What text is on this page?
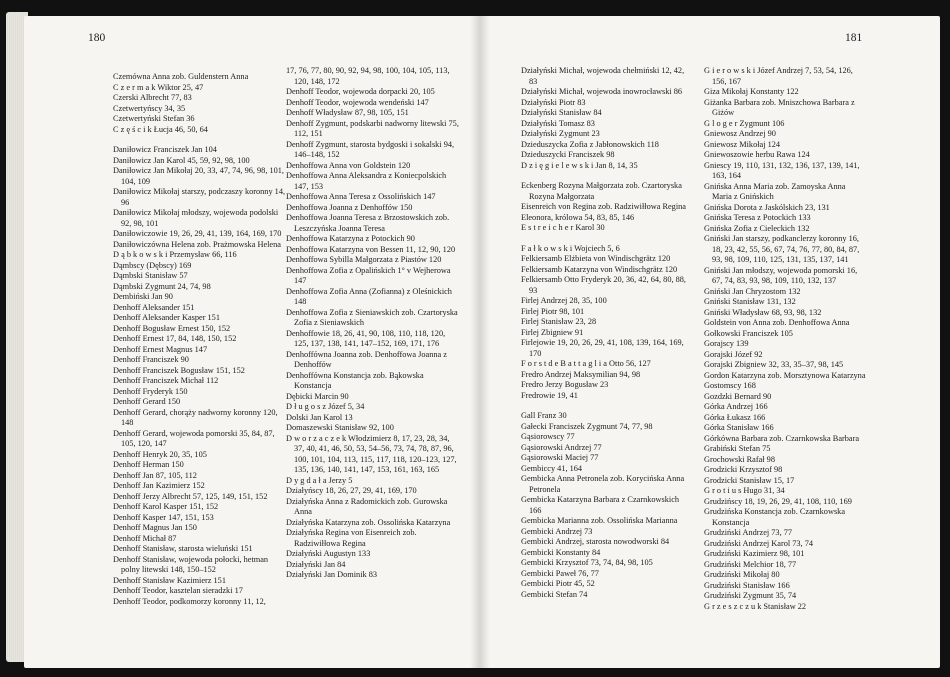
180	181
Czemówna Anna zob. Guldenstern Anna
C z e r m a k Wiktor 25, 47
Czerski Albrecht 77, 83
Czetwertyńscy 34, 35
Czetwertyński Stefan 36
C z ę ś c i k Łucja 46, 50, 64
Daniłowicz Franciszek Jan 104
Daniłowicz Jan Karol 45, 59, 92, 98, 100
Daniłowicz Jan Mikołaj 20, 33, 47, 74, 96, 98, 101, 104, 109
Daniłowicz Mikołaj starszy, podczaszy koronny 14, 96
Daniłowicz Mikołaj młodszy, wojewoda podolski 92, 98, 101
Daniłowiczowie 19, 26, 29, 41, 139, 164, 169, 170
Daniłowiczówna Helena zob. Prażmowska Helena
D ą b k o w s k i Przemysław 66, 116
Dąmbscy (Dębscy) 169
Dąmbski Stanisław 57
Dąmbski Zygmunt 24, 74, 98
Dembiński Jan 90
Denhoff Aleksander 151
Denhoff Aleksander Kasper 151
Denhoff Bogusław Ernest 150, 152
Denhoff Ernest 17, 84, 148, 150, 152
Denhoff Ernest Magnus 147
Denhoff Franciszek 90
Denhoff Franciszek Bogusław 151, 152
Denhoff Franciszek Michał 112
Denhoff Fryderyk 150
Denhoff Gerard 150
Denhoff Gerard, chorąży nadworny koronny 120, 148
Denhoff Gerard, wojewoda pomorski 35, 84, 87, 105, 120, 147
Denhoff Henryk 20, 35, 105
Denhoff Herman 150
Denhoff Jan 87, 105, 112
Denhoff Jan Kazimierz 152
Denhoff Jerzy Albrecht 57, 125, 149, 151, 152
Denhoff Karol Kasper 151, 152
Denhoff Kasper 147, 151, 153
Denhoff Magnus Jan 150
Denhoff Michał 87
Denhoff Stanisław, starosta wieluński 151
Denhoff Stanisław, wojewoda połocki, hetman polny litewski 148, 150–152
Denhoff Stanisław Kazimierz 151
Denhoff Teodor, kasztelan sieradzki 17
Denhoff Teodor, podkomorzy koronny 11, 12,
17, 76, 77, 80, 90, 92, 94, 98, 100, 104, 105, 113, 120, 148, 172
Denhoff Teodor, wojewoda dorpacki 20, 105
Denhoff Teodor, wojewoda wendeński 147
Denhoff Władysław 87, 98, 105, 151
Denhoff Zygmunt, podskarbi nadworny litewski 75, 112, 151
Denhoff Zygmunt, starosta bydgoski i sokalski 94, 146–148, 152
Denhoffowa Anna von Goldstein 120
Denhoffowa Anna Aleksandra z Koniecpolskich 147, 153
Denhoffowa Anna Teresa z Ossolińskich 147
Denhoffowa Joanna z Denhoffów 150
Denhoffowa Joanna Teresa z Brzostowskich zob. Leszczyńska Joanna Teresa
Denhoffowa Katarzyna z Potockich 90
Denhoffowa Katarzyna von Bessen 11, 12, 90, 120
Denhoffowa Sybilla Małgorzata z Piastów 120
Denhoffowa Zofia z Opalińskich 1° v Wejherowa 147
Denhoffowa Zofia Anna (Zofianna) z Oleśnickich 148
Denhoffowa Zofia z Sieniawskich zob. Czartoryska Zofia z Sieniawskich
Denhoffowie 18, 26, 41, 90, 108, 110, 118, 120, 125, 137, 138, 141, 147–152, 169, 171, 176
Denhoffówna Joanna zob. Denhoffowa Joanna z Denhoffów
Denhoffówna Konstancja zob. Bąkowska Konstancja
Dębicki Marcin 90
D ł u g o s z Józef 5, 34
Dolski Jan Karol 13
Domaszewski Stanisław 92, 100
D w o r z a c z e k Włodzimierz 8, 17, 23, 28, 34, 37, 40, 41, 46, 50, 53, 54–56, 73, 74, 78, 87, 96, 100, 101, 104, 113, 115, 117, 118, 120–123, 127, 135, 136, 140, 141, 147, 153, 161, 163, 165
D y g d a ł a Jerzy 5
Działyńscy 18, 26, 27, 29, 41, 169, 170
Działyńska Anna z Radomickich zob. Gurowska Anna
Działyńska Katarzyna zob. Ossolińska Katarzyna
Działyńska Regina von Eisenreich zob. Radziwiłłowa Regina
Działyński Augustyn 133
Działyński Jan 84
Działyński Jan Dominik 83
Działyński Michał, wojewoda chełmiński 12, 42, 83
Działyński Michał, wojewoda inowrocławski 86
Działyński Piotr 83
Działyński Stanisław 84
Działyński Tomasz 83
Działyński Zygmunt 23
Dzieduszycka Zofia z Jabłonowskich 118
Dzieduszycki Franciszek 98
D z i ę g i e l e w s k i Jan 8, 14, 35
Eckenberg Rozyna Małgorzata zob. Czartoryska Rozyna Małgorzata
Eisenreich von Regina zob. Radziwiłłowa Regina
Eleonora, królowa 54, 83, 85, 146
E s t r e i c h e r Karol 30
F a ł k o w s k i Wojciech 5, 6
Felkiersamb Elżbieta von Windischgrätz 120
Felkiersamb Katarzyna von Windischgrätz 120
Felkiersamb Otto Fryderyk 20, 36, 42, 64, 80, 88, 93
Firlej Andrzej 28, 35, 100
Firlej Piotr 98, 101
Firlej Stanisław 23, 28
Firlej Zbigniew 91
Firlejowie 19, 20, 26, 29, 41, 108, 139, 164, 169, 170
F o r s t d e B a t t a g l i a Otto 56, 127
Fredro Andrzej Maksymilian 94, 98
Fredro Jerzy Bogusław 23
Fredrowie 19, 41
Gall Franz 30
Gałecki Franciszek Zygmunt 74, 77, 98
Gąsiorowscy 77
Gąsiorowski Andrzej 77
Gąsiorowski Maciej 77
Gembiccy 41, 164
Gembicka Anna Petronela zob. Korycińska Anna Petronela
Gembicka Katarzyna Barbara z Czarnkowskich 166
Gembicka Marianna zob. Ossolińska Marianna
Gembicki Andrzej 73
Gembicki Andrzej, starosta nowodworski 84
Gembicki Konstanty 84
Gembicki Krzysztof 73, 74, 84, 98, 105
Gembicki Paweł 76, 77
Gembicki Piotr 45, 52
Gembicki Stefan 74
G i e r o w s k i Józef Andrzej 7, 53, 54, 126, 156, 167
Giza Mikołaj Konstanty 122
Giżanka Barbara zob. Mniszchowa Barbara z Giżów
G l o g e r Zygmunt 106
Gniewosz Andrzej 90
Gniewosz Mikołaj 124
Gniewoszowie herbu Rawa 124
Gniescy 19, 110, 131, 132, 136, 137, 139, 141, 163, 164
Gnińska Anna Maria zob. Zamoyska Anna Maria z Gnińskich
Gnińska Dorota z Jaskólskich 23, 131
Gnińska Teresa z Potockich 133
Gnińska Zofia z Cieleckich 132
Gniński Jan starszy, podkanclerzy koronny 16, 18, 23, 42, 55, 56, 67, 74, 76, 77, 80, 84, 87, 93, 98, 109, 110, 125, 131, 135, 137, 141
Gniński Jan młodszy, wojewoda pomorski 16, 67, 74, 83, 93, 98, 109, 110, 132, 137
Gniński Jan Chryzostom 132
Gniński Stanisław 131, 132
Gniński Władysław 68, 93, 98, 132
Goldstein von Anna zob. Denhoffowa Anna
Gołkowski Franciszek 105
Gorajscy 139
Gorajski Józef 92
Gorajski Zbigniew 32, 33, 35–37, 98, 145
Gordon Katarzyna zob. Morsztynowa Katarzyna
Gostomscy 168
Gozdzki Bernard 90
Górka Andrzej 166
Górka Łukasz 166
Górka Stanisław 166
Górkówna Barbara zob. Czarnkowska Barbara
Grabiński Stefan 75
Grochowski Rafał 98
Grodzicki Krzysztof 98
Grodzicki Stanisław 15, 17
G r o t i u s Hugo 31, 34
Grudzińscy 18, 19, 26, 29, 41, 108, 110, 169
Grudzińska Konstancja zob. Czarnkowska Konstancja
Grudziński Andrzej 73, 77
Grudziński Andrzej Karol 73, 74
Grudziński Kazimierz 98, 101
Grudziński Melchior 18, 77
Grudziński Mikołaj 80
Grudziński Stanisław 166
Grudziński Zygmunt 35, 74
G r z e s z c z u k Stanisław 22
